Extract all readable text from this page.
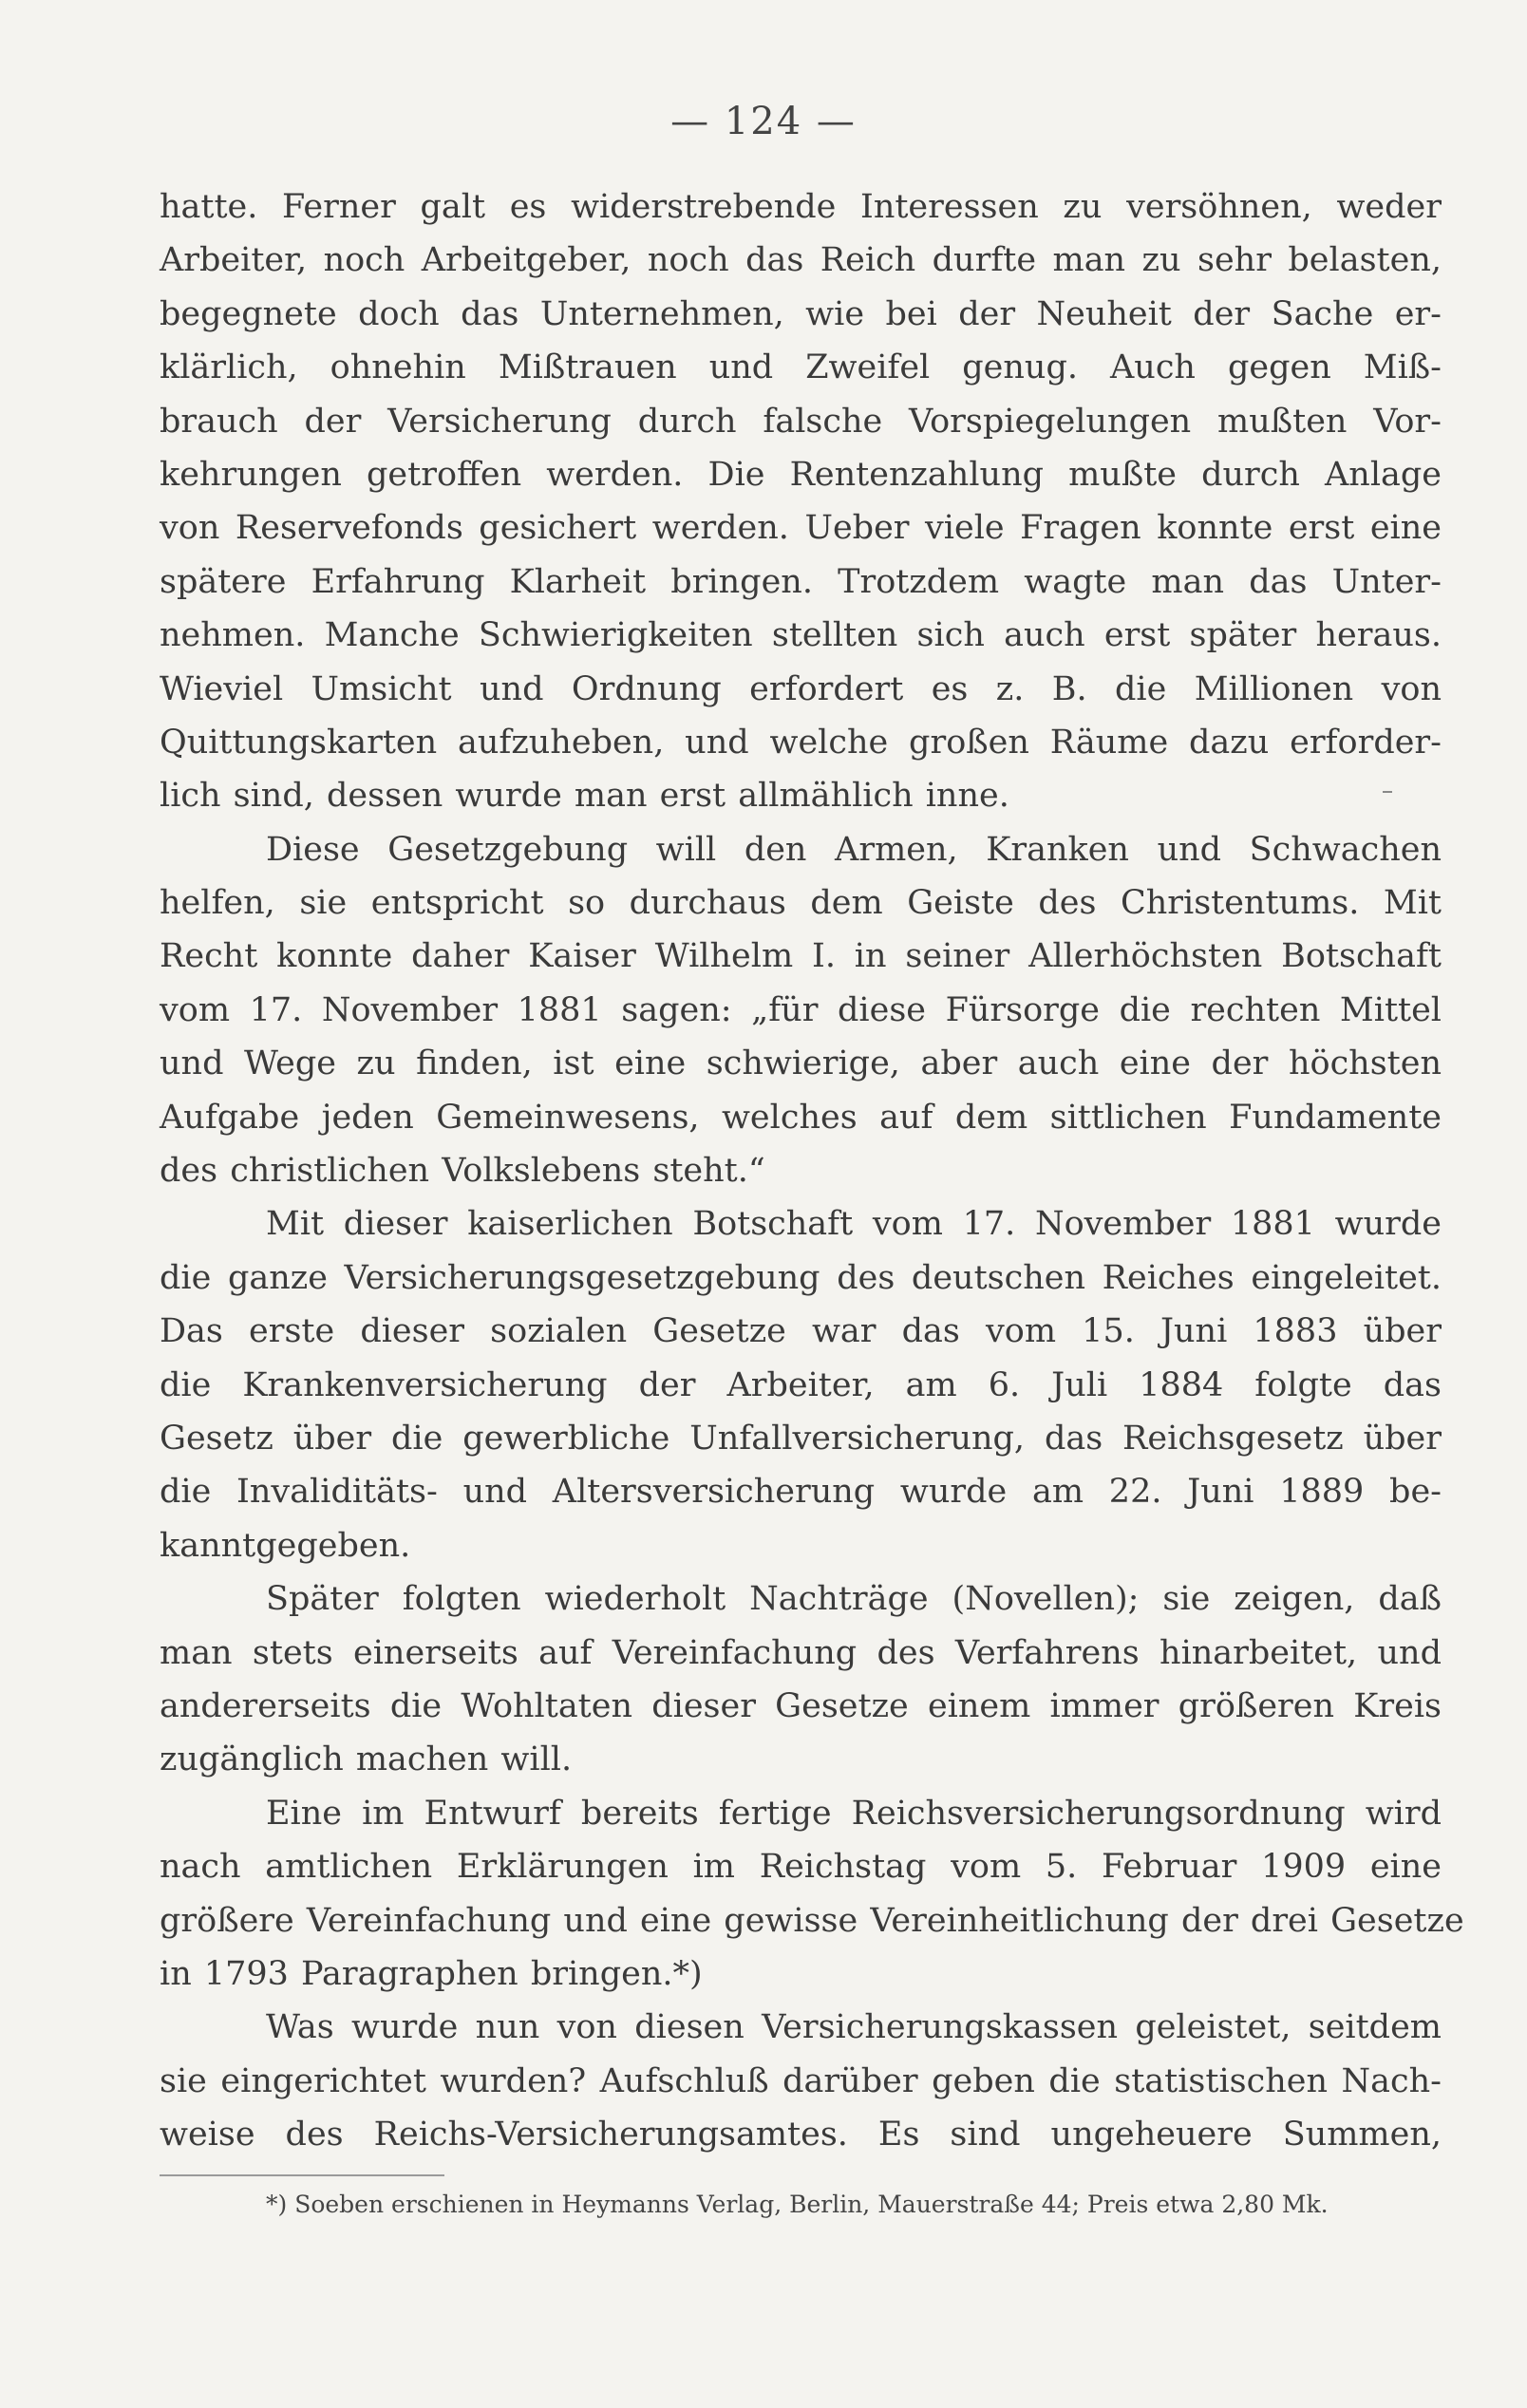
— 124 —
hatte. Ferner galt es widerstrebende Interessen zu versöhnen, weder
Arbeiter, noch Arbeitgeber, noch das Reich durfte man zu sehr belasten,
begegnete doch das Unternehmen, wie bei der Neuheit der Sache er-
klärlich, ohnehin Mißtrauen und Zweifel genug. Auch gegen Miß-
brauch der Versicherung durch falsche Vorspiegelungen mußten Vor-
kehrungen getroffen werden. Die Rentenzahlung mußte durch Anlage
von Reservefonds gesichert werden. Ueber viele Fragen konnte erst eine
spätere Erfahrung Klarheit bringen. Trotzdem wagte man das Unter-
nehmen. Manche Schwierigkeiten stellten sich auch erst später heraus.
Wieviel Umsicht und Ordnung erfordert es z. B. die Millionen von
Quittungskarten aufzuheben, und welche großen Räume dazu erforder-
lich sind, dessen wurde man erst allmählich inne.
Diese Gesetzgebung will den Armen, Kranken und Schwachen
helfen, sie entspricht so durchaus dem Geiste des Christentums. Mit
Recht konnte daher Kaiser Wilhelm I. in seiner Allerhöchsten Botschaft
vom 17. November 1881 sagen: „für diese Fürsorge die rechten Mittel
und Wege zu finden, ist eine schwierige, aber auch eine der höchsten
Aufgabe jeden Gemeinwesens, welches auf dem sittlichen Fundamente
des christlichen Volkslebens steht.“
Mit dieser kaiserlichen Botschaft vom 17. November 1881 wurde
die ganze Versicherungsgesetzgebung des deutschen Reiches eingeleitet.
Das erste dieser sozialen Gesetze war das vom 15. Juni 1883 über
die Krankenversicherung der Arbeiter, am 6. Juli 1884 folgte das
Gesetz über die gewerbliche Unfallversicherung, das Reichsgesetz über
die Invaliditäts- und Altersversicherung wurde am 22. Juni 1889 be-
kanntgegeben.
Später folgten wiederholt Nachträge (Novellen); sie zeigen, daß
man stets einerseits auf Vereinfachung des Verfahrens hinarbeitet, und
andererseits die Wohltaten dieser Gesetze einem immer größeren Kreis
zugänglich machen will.
Eine im Entwurf bereits fertige Reichsversicherungsordnung wird
nach amtlichen Erklärungen im Reichstag vom 5. Februar 1909 eine
größere Vereinfachung und eine gewisse Vereinheitlichung der drei Gesetze
in 1793 Paragraphen bringen.*)
Was wurde nun von diesen Versicherungskassen geleistet, seitdem
sie eingerichtet wurden? Aufschluß darüber geben die statistischen Nach-
weise des Reichs-Versicherungsamtes. Es sind ungeheuere Summen,
*) Soeben erschienen in Heymanns Verlag, Berlin, Mauerstraße 44; Preis etwa 2,80 Mk.
